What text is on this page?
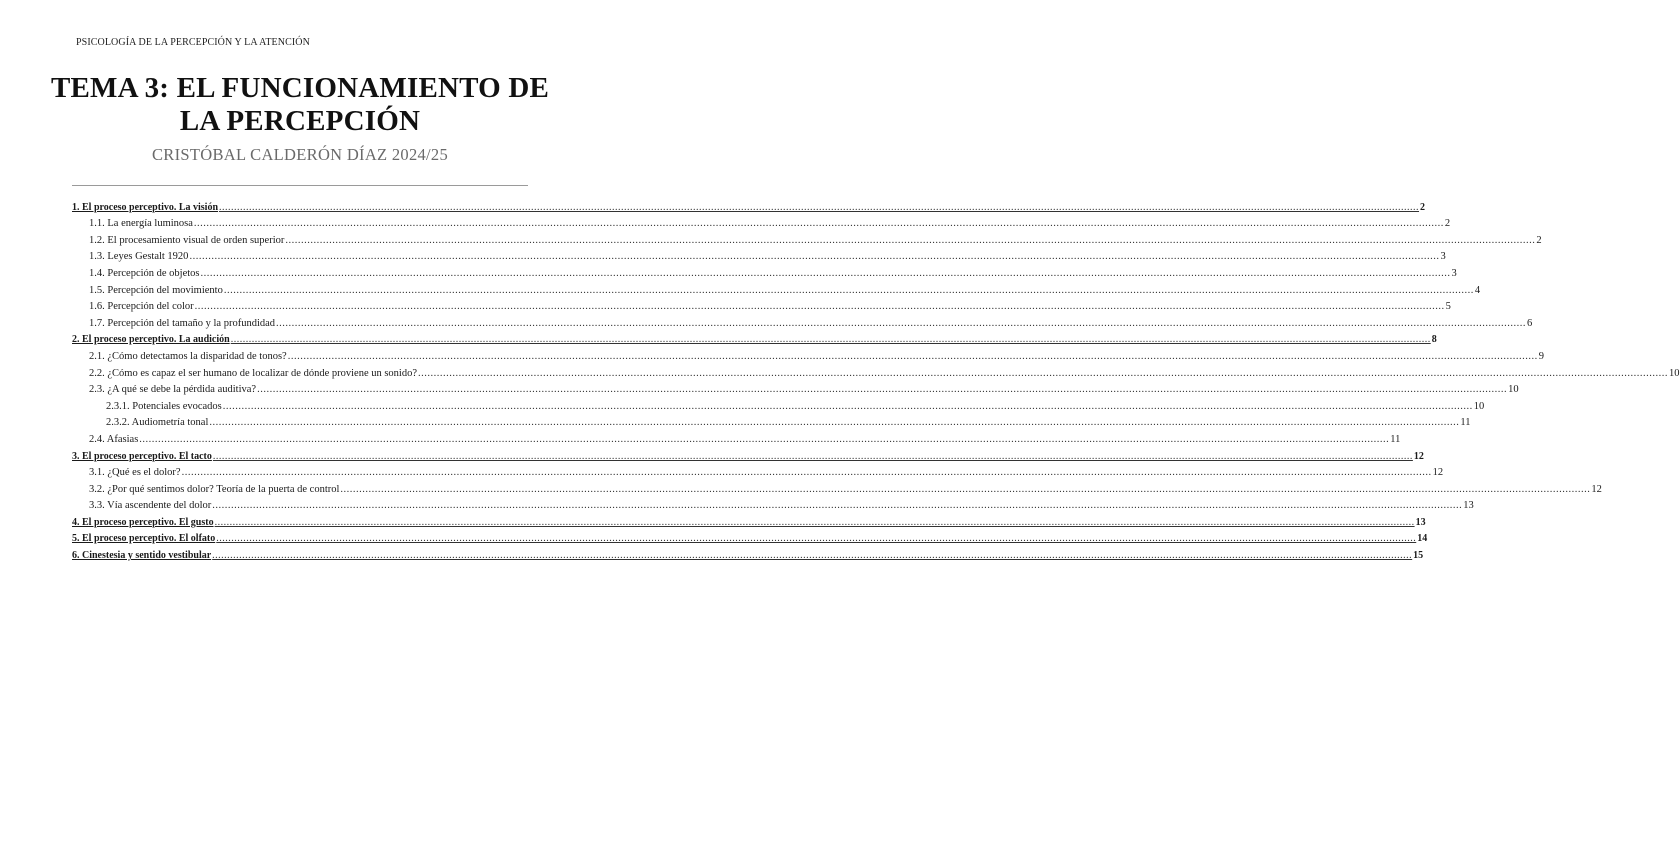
PSICOLOGÍA DE LA PERCEPCIÓN Y LA ATENCIÓN
TEMA 3: EL FUNCIONAMIENTO DE
LA PERCEPCIÓN
CRISTÓBAL CALDERÓN DÍAZ 2024/25
1. El proceso perceptivo. La visión ................................................................................................................................................................................................................................................................................................................................................................................................................ 2
1.1. La energía luminosa ................................................................................................................................................................................................................................................................................................................................................................................................................ 2
1.2. El procesamiento visual de orden superior ................................................................................................................................................................................................................................................................................................................................................................................................................ 2
1.3. Leyes Gestalt 1920 ................................................................................................................................................................................................................................................................................................................................................................................................................ 3
1.4. Percepción de objetos ................................................................................................................................................................................................................................................................................................................................................................................................................ 3
1.5. Percepción del movimiento ................................................................................................................................................................................................................................................................................................................................................................................................................ 4
1.6. Percepción del color ................................................................................................................................................................................................................................................................................................................................................................................................................ 5
1.7. Percepción del tamaño y la profundidad ................................................................................................................................................................................................................................................................................................................................................................................................................ 6
2. El proceso perceptivo. La audición ................................................................................................................................................................................................................................................................................................................................................................................................................ 8
2.1. ¿Cómo detectamos la disparidad de tonos? ................................................................................................................................................................................................................................................................................................................................................................................................................ 9
2.2. ¿Cómo es capaz el ser humano de localizar de dónde proviene un sonido? ................................................................................................................................................................................................................................................................................................................................................................................................................ 10
2.3. ¿A qué se debe la pérdida auditiva? ................................................................................................................................................................................................................................................................................................................................................................................................................ 10
2.3.1. Potenciales evocados ................................................................................................................................................................................................................................................................................................................................................................................................................ 10
2.3.2. Audiometría tonal ................................................................................................................................................................................................................................................................................................................................................................................................................ 11
2.4. Afasias ................................................................................................................................................................................................................................................................................................................................................................................................................ 11
3. El proceso perceptivo. El tacto ................................................................................................................................................................................................................................................................................................................................................................................................................ 12
3.1. ¿Qué es el dolor? ................................................................................................................................................................................................................................................................................................................................................................................................................ 12
3.2. ¿Por qué sentimos dolor? Teoría de la puerta de control ................................................................................................................................................................................................................................................................................................................................................................................................................ 12
3.3. Vía ascendente del dolor ................................................................................................................................................................................................................................................................................................................................................................................................................ 13
4. El proceso perceptivo. El gusto ................................................................................................................................................................................................................................................................................................................................................................................................................ 13
5. El proceso perceptivo. El olfato ................................................................................................................................................................................................................................................................................................................................................................................................................ 14
6. Cinestesia y sentido vestibular ................................................................................................................................................................................................................................................................................................................................................................................................................ 15
